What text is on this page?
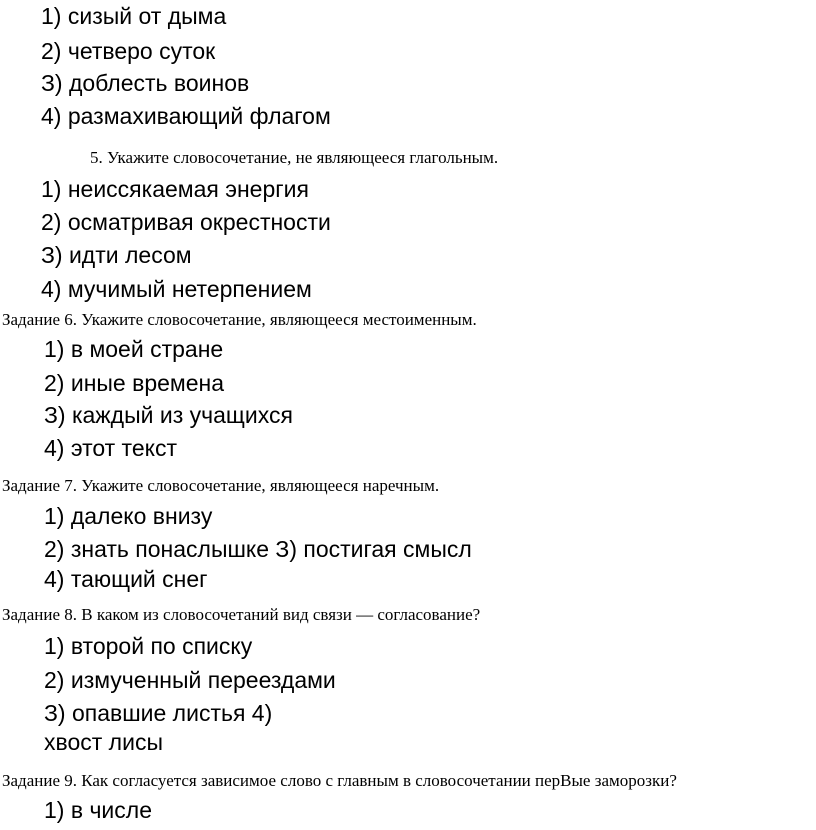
1) сизый от дыма
2) четверо суток
З) доблесть воинов
4) размахивающий флагом
5. Укажите словосочетание, не являющееся глагольным.
1) неиссякаемая энергия
2) осматривая окрестности
З) идти лесом
4) мучимый нетерпением
Задание 6. Укажите словосочетание, являющееся местоименным.
1) в моей стране
2) иные времена
З) каждый из учащихся
4) этот текст
Задание 7. Укажите словосочетание, являющееся наречным.
1) далеко внизу
2) знать понаслышке З) постигая смысл
4) тающий снег
Задание 8. В каком из словосочетаний вид связи — согласование?
1) второй по списку
2) измученный переездами
З) опавшие листья 4)
хвост лисы
Задание 9. Как согласуется зависимое слово с главным в словосочетании перВые заморозки?
1) в числе
